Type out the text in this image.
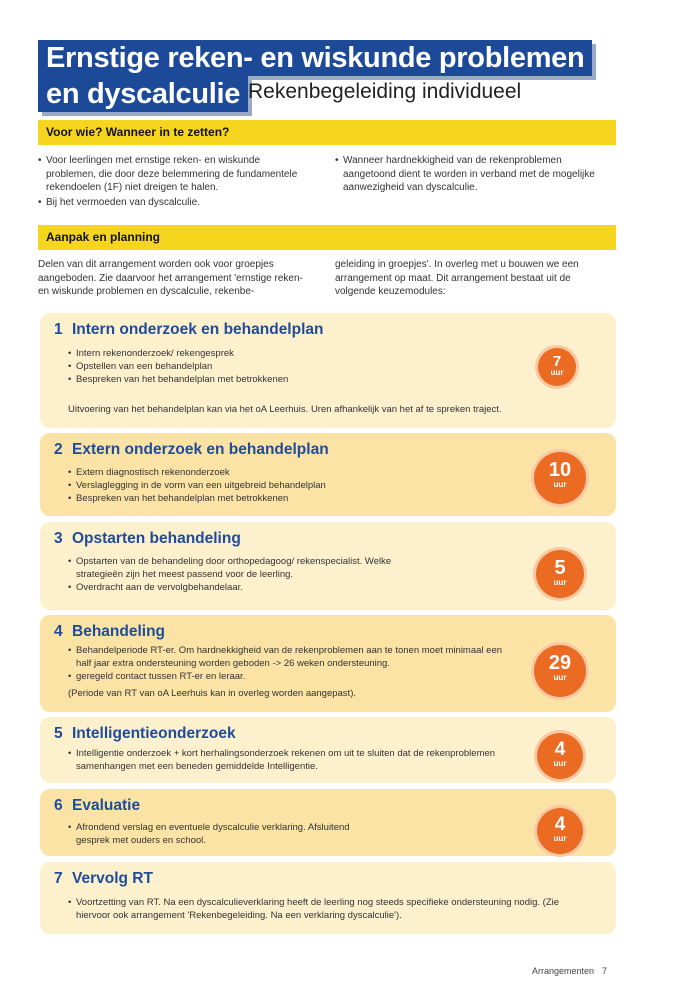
Ernstige reken- en wiskunde problemen
en dyscalculie Rekenbegeleiding individueel
Voor wie? Wanneer in te zetten?
• Voor leerlingen met ernstige reken- en wiskunde problemen, die door deze belemmering de fundamentele rekendoelen (1F) niet dreigen te halen.
• Bij het vermoeden van dyscalculie.
• Wanneer hardnekkigheid van de rekenproblemen aangetoond dient te worden in verband met de mogelijke aanwezigheid van dyscalculie.
Aanpak en planning
Delen van dit arrangement worden ook voor groepjes aangeboden. Zie daarvoor het arrangement 'ernstige reken- en wiskunde problemen en dyscalculie, rekenbe-
geleiding in groepjes'. In overleg met u bouwen we een arrangement op maat. Dit arrangement bestaat uit de volgende keuzemodules:
1 Intern onderzoek en behandelplan
• Intern rekenonderzoek/ rekengesprek
• Opstellen van een behandelplan
• Bespreken van het behandelplan met betrokkenen
Uitvoering van het behandelplan kan via het oA Leerhuis. Uren afhankelijk van het af te spreken traject.
7
uur
2 Extern onderzoek en behandelplan
• Extern diagnostisch rekenonderzoek
• Verslaglegging in de vorm van een uitgebreid behandelplan
• Bespreken van het behandelplan met betrokkenen
10
uur
3 Opstarten behandeling
• Opstarten van de behandeling door orthopedagoog/ rekenspecialist. Welke strategieën zijn het meest passend voor de leerling.
• Overdracht aan de vervolgbehandelaar.
5
uur
4 Behandeling
• Behandelperiode RT-er. Om hardnekkigheid van de rekenproblemen aan te tonen moet minimaal een half jaar extra ondersteuning worden geboden -> 26 weken ondersteuning.
• geregeld contact tussen RT-er en leraar.
(Periode van RT van oA Leerhuis kan in overleg worden aangepast).
29
uur
5 Intelligentieonderzoek
• Intelligentie onderzoek + kort herhalingsonderzoek rekenen om uit te sluiten dat de rekenproblemen samenhangen met een beneden gemiddelde Intelligentie.
4
uur
6 Evaluatie
• Afrondend verslag en eventuele dyscalculie verklaring. Afsluitend gesprek met ouders en school.
4
uur
7 Vervolg RT
• Voortzetting van RT. Na een dyscalculieverklaring heeft de leerling nog steeds specifieke ondersteuning nodig. (Zie hiervoor ook arrangement 'Rekenbegeleiding. Na een verklaring dyscalculie').
Arrangementen 7
